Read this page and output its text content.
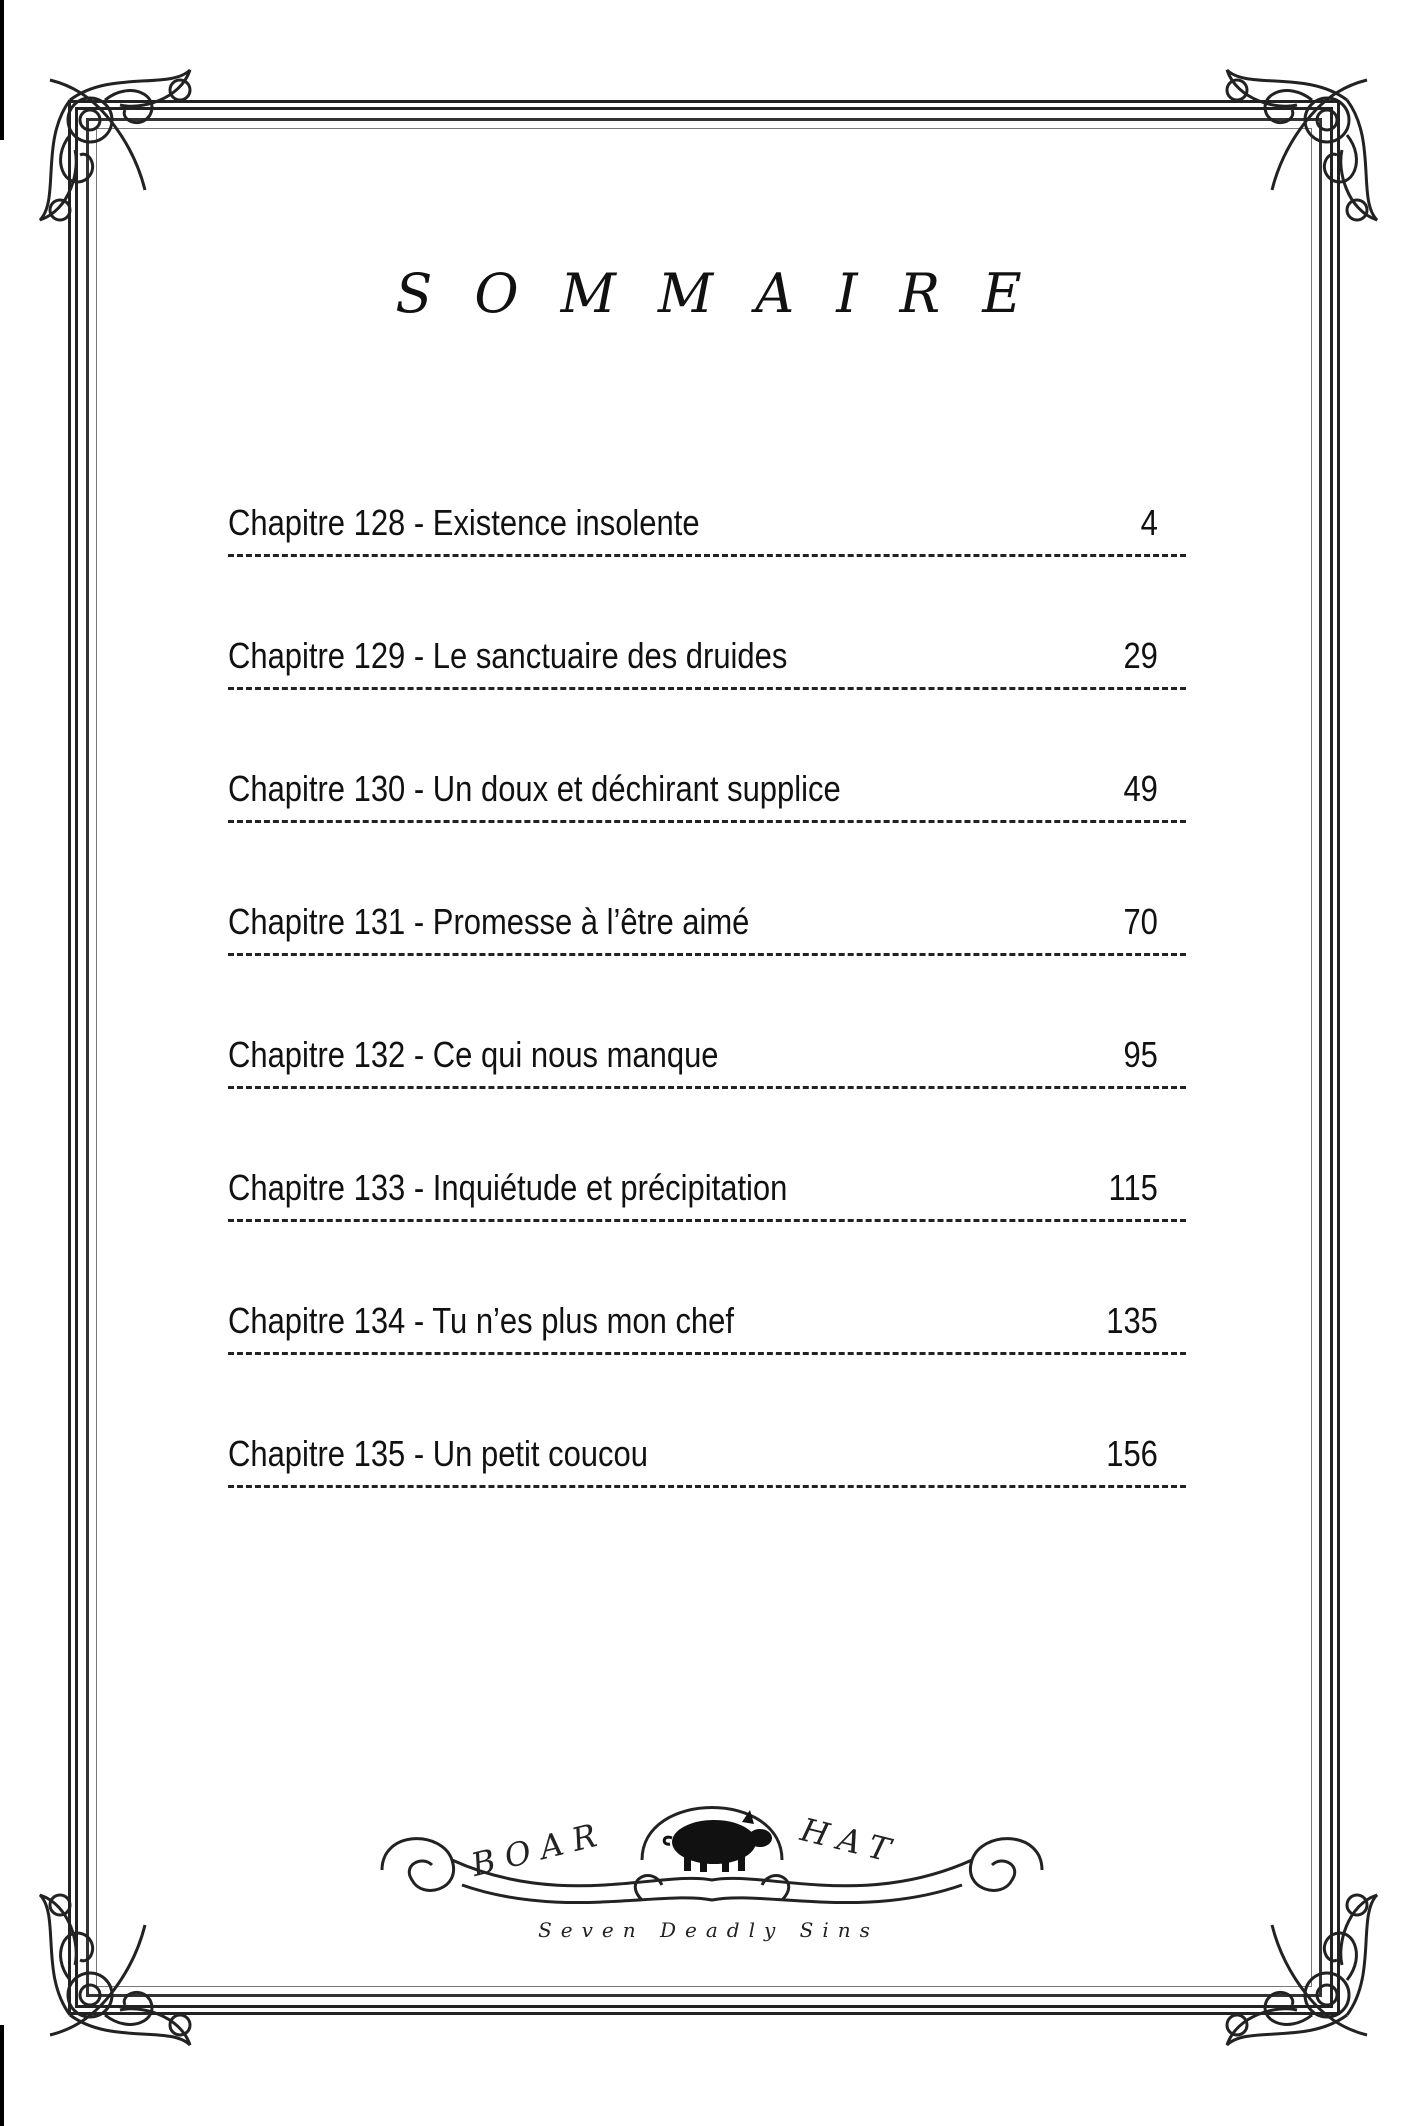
SOMMAIRE
Chapitre 128 - Existence insolente	4
Chapitre 129 - Le sanctuaire des druides	29
Chapitre 130 - Un doux et déchirant supplice	49
Chapitre 131 - Promesse à l’être aimé	70
Chapitre 132 - Ce qui nous manque	95
Chapitre 133 - Inquiétude et précipitation	115
Chapitre 134 - Tu n’es plus mon chef	135
Chapitre 135 - Un petit coucou	156
BOAR	HAT
Seven Deadly Sins
